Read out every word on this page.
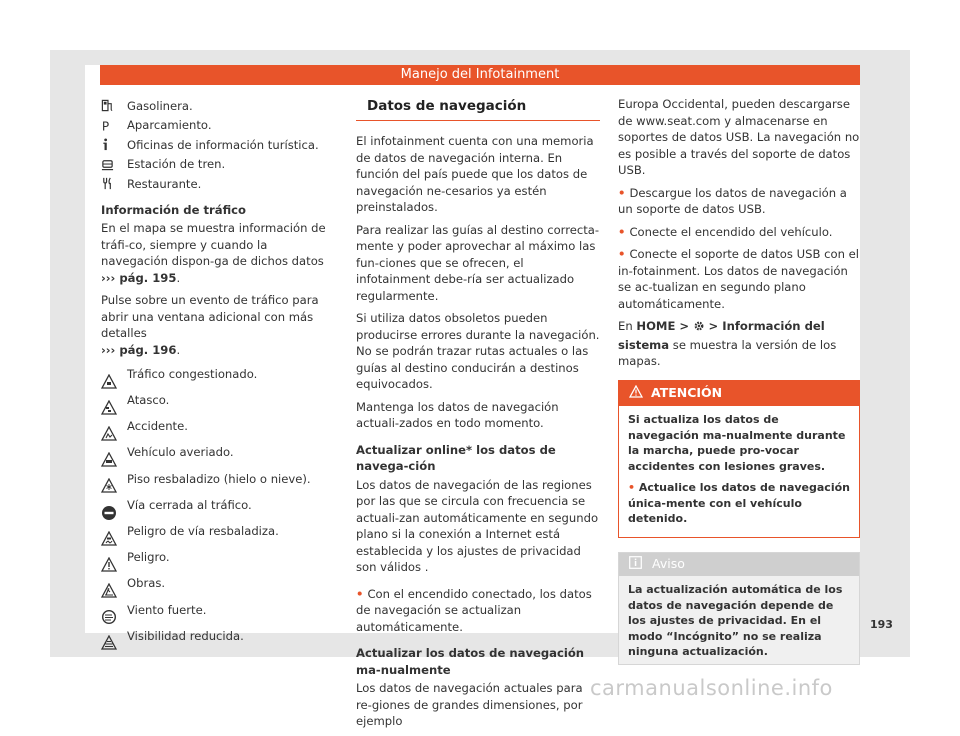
Manejo del Infotainment
Gasolinera.
P Aparcamiento.
Oficinas de información turística.
Estación de tren.
Restaurante.
Información de tráfico

En el mapa se muestra información de tráfi-co, siempre y cuando la navegación dispon-ga de dichos datos ››› pág. 195.

Pulse sobre un evento de tráfico para abrir una ventana adicional con más detalles
››› pág. 196.

Tráfico congestionado.
Atasco.
Accidente.
Vehículo averiado.
Piso resbaladizo (hielo o nieve).
Vía cerrada al tráfico.
Peligro de vía resbaladiza.
Peligro.
Obras.
Viento fuerte.
Visibilidad reducida.
Datos de navegación

El infotainment cuenta con una memoria de datos de navegación interna. En función del país puede que los datos de navegación ne-cesarios ya estén preinstalados.

Para realizar las guías al destino correcta-mente y poder aprovechar al máximo las fun-ciones que se ofrecen, el infotainment debe-ría ser actualizado regularmente.

Si utiliza datos obsoletos pueden producirse errores durante la navegación. No se podrán trazar rutas actuales o las guías al destino conducirán a destinos equivocados.

Mantenga los datos de navegación actuali-zados en todo momento.

Actualizar online* los datos de navega-ción

Los datos de navegación de las regiones por las que se circula con frecuencia se actuali-zan automáticamente en segundo plano si la conexión a Internet está establecida y los ajustes de privacidad son válidos .

• Con el encendido conectado, los datos de navegación se actualizan automáticamente.

Actualizar los datos de navegación ma-nualmente

Los datos de navegación actuales para re-giones de grandes dimensiones, por ejemplo

Europa Occidental, pueden descargarse de www.seat.com y almacenarse en soportes de datos USB. La navegación no es posible a través del soporte de datos USB.

• Descargue los datos de navegación a un soporte de datos USB.

• Conecte el encendido del vehículo.

• Conecte el soporte de datos USB con el in-fotainment. Los datos de navegación se ac-tualizan en segundo plano automáticamente.

En HOME > > Información del sistema se muestra la versión de los mapas.

ATENCIÓN

Si actualiza los datos de navegación ma-nualmente durante la marcha, puede pro-vocar accidentes con lesiones graves.

• Actualice los datos de navegación única-mente con el vehículo detenido.

Aviso
La actualización automática de los datos de navegación depende de los ajustes de privacidad. En el modo “Incógnito” no se realiza ninguna actualización.
193
carmanualsonline.info
